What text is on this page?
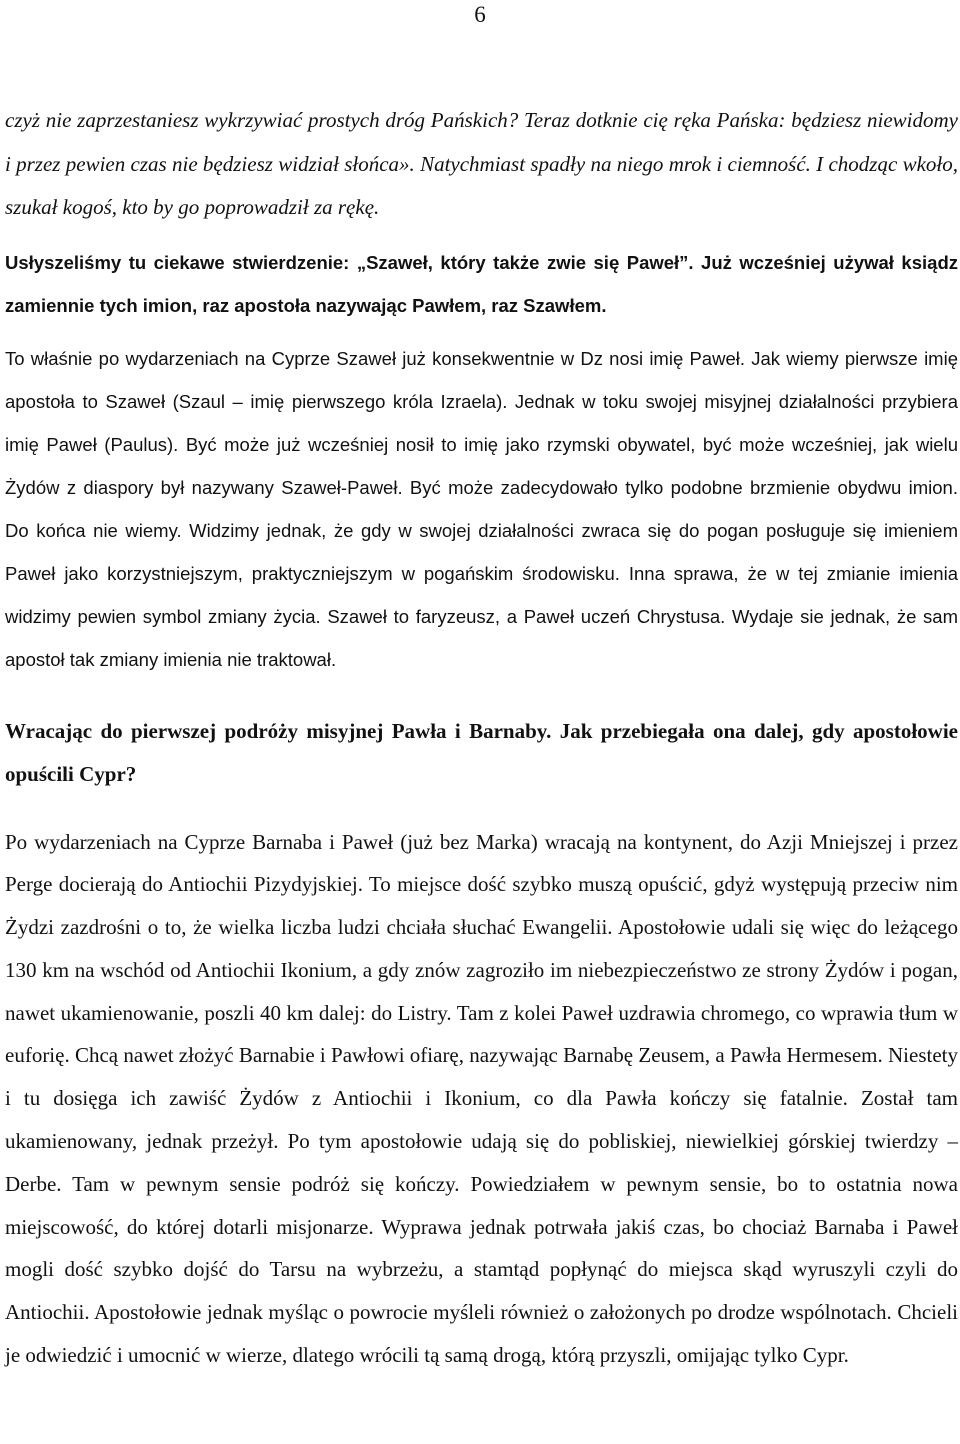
6

czyż nie zaprzestaniesz wykrzywiać prostych dróg Pańskich? Teraz dotknie cię ręka Pańska: będziesz niewidomy i przez pewien czas nie będziesz widział słońca». Natychmiast spadły na niego mrok i ciemność. I chodząc wkoło, szukał kogoś, kto by go poprowadził za rękę.

Usłyszeliśmy tu ciekawe stwierdzenie: „Szaweł, który także zwie się Paweł”. Już wcześniej używał ksiądz zamiennie tych imion, raz apostoła nazywając Pawłem, raz Szawłem.

To właśnie po wydarzeniach na Cyprze Szaweł już konsekwentnie w Dz nosi imię Paweł. Jak wiemy pierwsze imię apostoła to Szaweł (Szaul – imię pierwszego króla Izraela). Jednak w toku swojej misyjnej działalności przybiera imię Paweł (Paulus). Być może już wcześniej nosił to imię jako rzymski obywatel, być może wcześniej, jak wielu Żydów z diaspory był nazywany Szaweł-Paweł. Być może zadecydowało tylko podobne brzmienie obydwu imion. Do końca nie wiemy. Widzimy jednak, że gdy w swojej działalności zwraca się do pogan posługuje się imieniem Paweł jako korzystniejszym, praktyczniejszym w pogańskim środowisku. Inna sprawa, że w tej zmianie imienia widzimy pewien symbol zmiany życia. Szaweł to faryzeusz, a Paweł uczeń Chrystusa. Wydaje sie jednak, że sam apostoł tak zmiany imienia nie traktował.

Wracając do pierwszej podróży misyjnej Pawła i Barnaby. Jak przebiegała ona dalej, gdy apostołowie opuścili Cypr?

Po wydarzeniach na Cyprze Barnaba i Paweł (już bez Marka) wracają na kontynent, do Azji Mniejszej i przez Perge docierają do Antiochii Pizydyjskiej. To miejsce dość szybko muszą opuścić, gdyż występują przeciw nim Żydzi zazdrośni o to, że wielka liczba ludzi chciała słuchać Ewangelii. Apostołowie udali się więc do leżącego 130 km na wschód od Antiochii Ikonium, a gdy znów zagroziło im niebezpieczeństwo ze strony Żydów i pogan, nawet ukamienowanie, poszli 40 km dalej: do Listry. Tam z kolei Paweł uzdrawia chromego, co wprawia tłum w euforię. Chcą nawet złożyć Barnabie i Pawłowi ofiarę, nazywając Barnabę Zeusem, a Pawła Hermesem. Niestety i tu dosięga ich zawiść Żydów z Antiochii i Ikonium, co dla Pawła kończy się fatalnie. Został tam ukamienowany, jednak przeżył. Po tym apostołowie udają się do pobliskiej, niewielkiej górskiej twierdzy – Derbe. Tam w pewnym sensie podróż się kończy. Powiedziałem w pewnym sensie, bo to ostatnia nowa miejscowość, do której dotarli misjonarze. Wyprawa jednak potrwała jakiś czas, bo chociaż Barnaba i Paweł mogli dość szybko dojść do Tarsu na wybrzeżu, a stamtąd popłynąć do miejsca skąd wyruszyli czyli do Antiochii. Apostołowie jednak myśląc o powrocie myśleli również o założonych po drodze wspólnotach. Chcieli je odwiedzić i umocnić w wierze, dlatego wrócili tą samą drogą, którą przyszli, omijając tylko Cypr.
